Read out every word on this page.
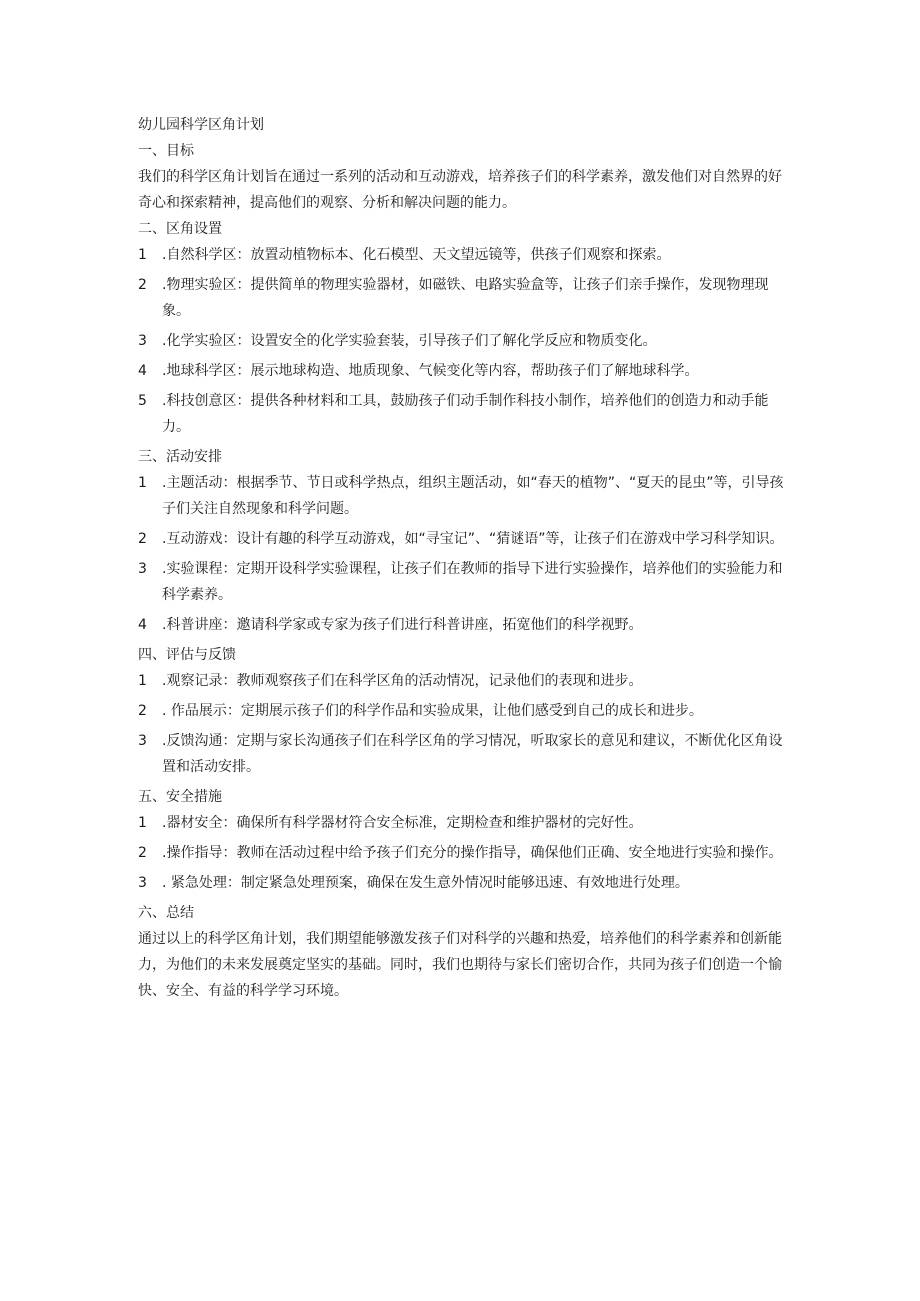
幼儿园科学区角计划

一、目标

我们的科学区角计划旨在通过一系列的活动和互动游戏，培养孩子们的科学素养，激发他们对自然界的好奇心和探索精神，提高他们的观察、分析和解决问题的能力。

二、区角设置

1	.自然科学区：放置动植物标本、化石模型、天文望远镜等，供孩子们观察和探索。
2	.物理实验区：提供简单的物理实验器材，如磁铁、电路实验盒等，让孩子们亲手操作，发现物理现象。
3	.化学实验区：设置安全的化学实验套装，引导孩子们了解化学反应和物质变化。
4	.地球科学区：展示地球构造、地质现象、气候变化等内容，帮助孩子们了解地球科学。
5	.科技创意区：提供各种材料和工具，鼓励孩子们动手制作科技小制作，培养他们的创造力和动手能力。

三、活动安排

1	.主题活动：根据季节、节日或科学热点，组织主题活动，如“春天的植物”、“夏天的昆虫”等，引导孩子们关注自然现象和科学问题。
2	.互动游戏：设计有趣的科学互动游戏，如“寻宝记”、“猜谜语”等，让孩子们在游戏中学习科学知识。
3	.实验课程：定期开设科学实验课程，让孩子们在教师的指导下进行实验操作，培养他们的实验能力和科学素养。
4	.科普讲座：邀请科学家或专家为孩子们进行科普讲座，拓宽他们的科学视野。

四、评估与反馈

1	.观察记录：教师观察孩子们在科学区角的活动情况，记录他们的表现和进步。
2	. 作品展示：定期展示孩子们的科学作品和实验成果，让他们感受到自己的成长和进步。
3	.反馈沟通：定期与家长沟通孩子们在科学区角的学习情况，听取家长的意见和建议，不断优化区角设置和活动安排。

五、安全措施

1	.器材安全：确保所有科学器材符合安全标准，定期检查和维护器材的完好性。
2	.操作指导：教师在活动过程中给予孩子们充分的操作指导，确保他们正确、安全地进行实验和操作。
3	. 紧急处理：制定紧急处理预案，确保在发生意外情况时能够迅速、有效地进行处理。

六、总结

通过以上的科学区角计划，我们期望能够激发孩子们对科学的兴趣和热爱，培养他们的科学素养和创新能力，为他们的未来发展奠定坚实的基础。同时，我们也期待与家长们密切合作，共同为孩子们创造一个愉快、安全、有益的科学学习环境。
